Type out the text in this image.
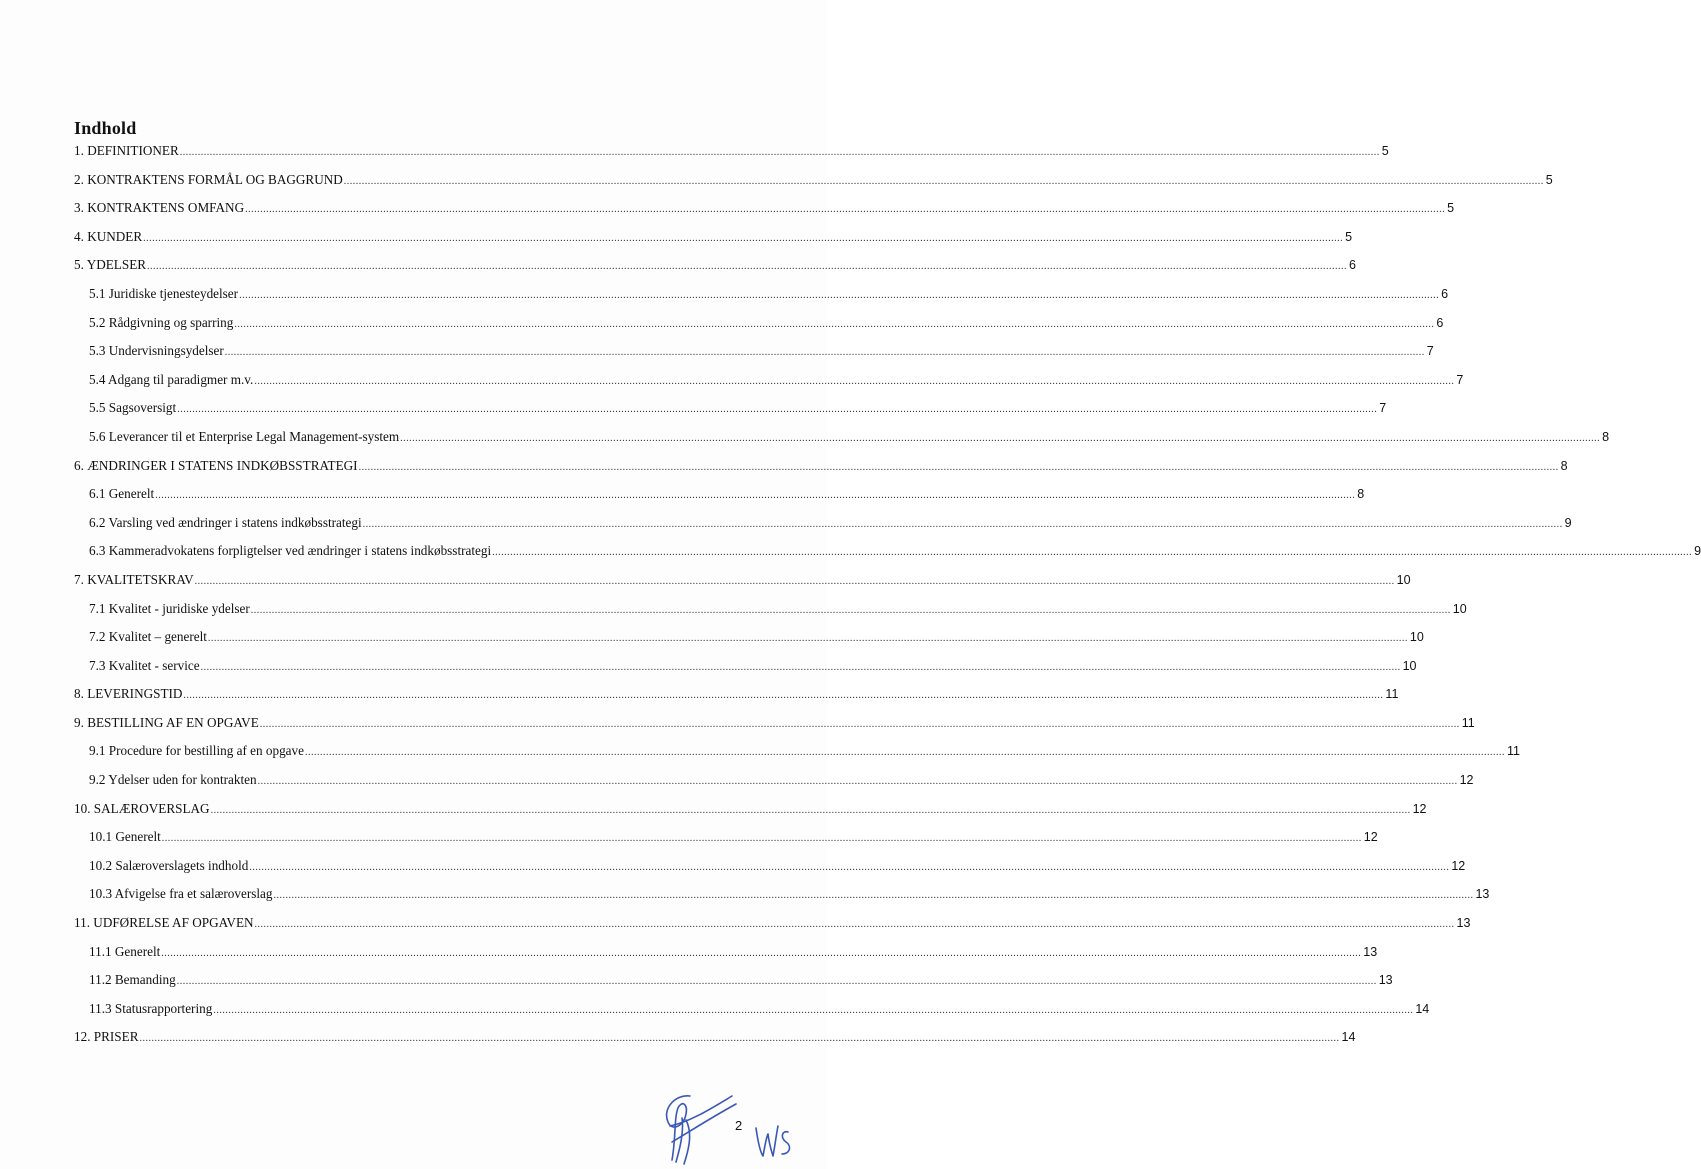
Indhold
1. DEFINITIONER ................................................................................................................................................................................................................................................................................................................................................................................................................ 5
2. KONTRAKTENS FORMÅL OG BAGGRUND ................................................................................................................................................................................................................................................................................................................................................................................................................ 5
3. KONTRAKTENS OMFANG ................................................................................................................................................................................................................................................................................................................................................................................................................ 5
4. KUNDER ................................................................................................................................................................................................................................................................................................................................................................................................................ 5
5. YDELSER ................................................................................................................................................................................................................................................................................................................................................................................................................ 6
5.1 Juridiske tjenesteydelser ................................................................................................................................................................................................................................................................................................................................................................................................................ 6
5.2 Rådgivning og sparring ................................................................................................................................................................................................................................................................................................................................................................................................................ 6
5.3 Undervisningsydelser ................................................................................................................................................................................................................................................................................................................................................................................................................ 7
5.4 Adgang til paradigmer m.v. ................................................................................................................................................................................................................................................................................................................................................................................................................ 7
5.5 Sagsoversigt ................................................................................................................................................................................................................................................................................................................................................................................................................ 7
5.6 Leverancer til et Enterprise Legal Management-system ................................................................................................................................................................................................................................................................................................................................................................................................................ 8
6. ÆNDRINGER I STATENS INDKØBSSTRATEGI ................................................................................................................................................................................................................................................................................................................................................................................................................ 8
6.1 Generelt ................................................................................................................................................................................................................................................................................................................................................................................................................ 8
6.2 Varsling ved ændringer i statens indkøbsstrategi ................................................................................................................................................................................................................................................................................................................................................................................................................ 9
6.3 Kammeradvokatens forpligtelser ved ændringer i statens indkøbsstrategi ................................................................................................................................................................................................................................................................................................................................................................................................................ 9
7. KVALITETSKRAV ................................................................................................................................................................................................................................................................................................................................................................................................................ 10
7.1 Kvalitet - juridiske ydelser ................................................................................................................................................................................................................................................................................................................................................................................................................ 10
7.2 Kvalitet – generelt ................................................................................................................................................................................................................................................................................................................................................................................................................ 10
7.3 Kvalitet - service ................................................................................................................................................................................................................................................................................................................................................................................................................ 10
8. LEVERINGSTID ................................................................................................................................................................................................................................................................................................................................................................................................................ 11
9. BESTILLING AF EN OPGAVE ................................................................................................................................................................................................................................................................................................................................................................................................................ 11
9.1 Procedure for bestilling af en opgave ................................................................................................................................................................................................................................................................................................................................................................................................................ 11
9.2 Ydelser uden for kontrakten ................................................................................................................................................................................................................................................................................................................................................................................................................ 12
10. SALÆROVERSLAG ................................................................................................................................................................................................................................................................................................................................................................................................................ 12
10.1 Generelt ................................................................................................................................................................................................................................................................................................................................................................................................................ 12
10.2 Salæroverslagets indhold ................................................................................................................................................................................................................................................................................................................................................................................................................ 12
10.3 Afvigelse fra et salæroverslag ................................................................................................................................................................................................................................................................................................................................................................................................................ 13
11. UDFØRELSE AF OPGAVEN ................................................................................................................................................................................................................................................................................................................................................................................................................ 13
11.1 Generelt ................................................................................................................................................................................................................................................................................................................................................................................................................ 13
11.2 Bemanding ................................................................................................................................................................................................................................................................................................................................................................................................................ 13
11.3 Statusrapportering ................................................................................................................................................................................................................................................................................................................................................................................................................ 14
12. PRISER ................................................................................................................................................................................................................................................................................................................................................................................................................ 14
2
